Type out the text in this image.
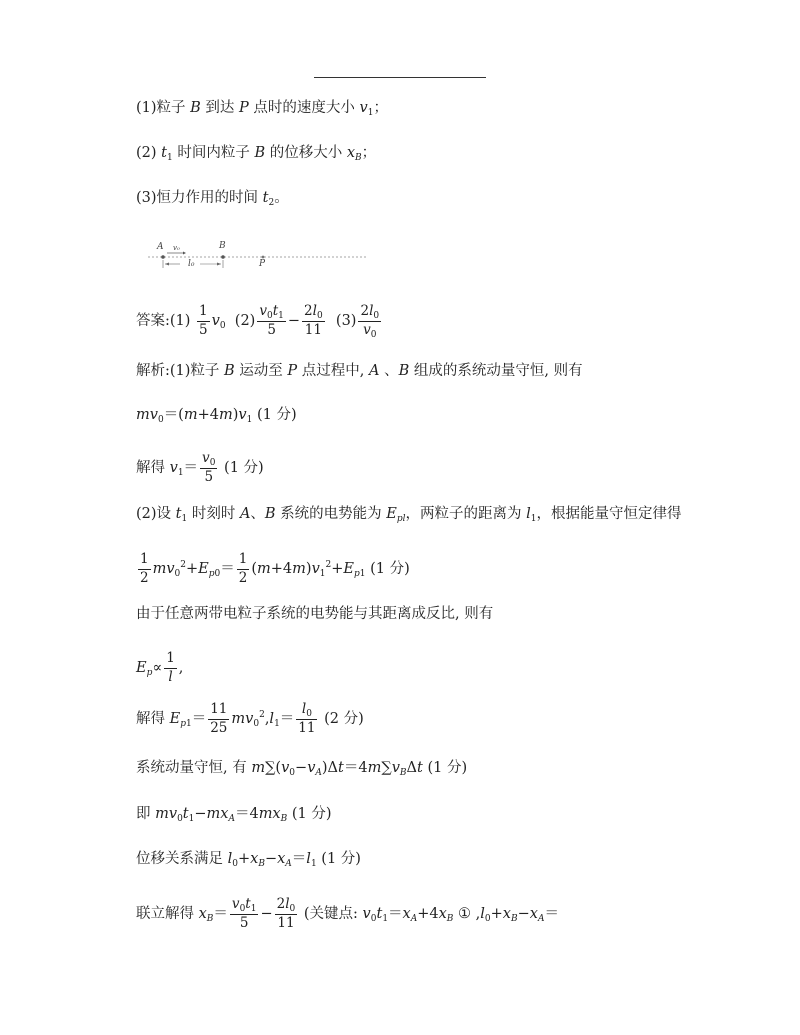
(1)粒子 B 到达 P 点时的速度大小 $v_1$；
(2) $t_1$ 时间内粒子 B 的位移大小 $x_B$；
(3)恒力作用的时间 $t_2$。
A	B
P
v₀
l₀
答案:(1) $\frac{1}{5} v_0$ $(2) \frac{v_0t_1}{5} - \frac{2l_0}{11} (3) \frac{2l_0}{v_0}$
解析:(1)粒子 B 运动至 P 点过程中, A 、B 组成的系统动量守恒, 则有
$mv_0=(m+4m)v_1$ (1 分)
解得 $v_1= \frac{v_0}{5} (1$ 分)
(2)设 $t_1$ 时刻时 A、B 系统的电势能为 $E_{pl}$，两粒子的距离为 $l_1$，根据能量守恒定律得
$\frac{1}{2} mv_0^2+E_{p0}= \frac{1}{2} (m+4m)v_1^2+E_{p1}$ (1 分)
由于任意两带电粒子系统的电势能与其距离成反比, 则有
$E_p\propto \frac{1}{l}$ ,
解得 $E_{p1}= \frac{11}{25} mv_0^2,l_1= \frac{l_0}{11} (2$ 分)
系统动量守恒, 有 $m\sum(v_0-v_A)\Delta t=4m\sum v_B\Delta t$ (1 分)
即 $mv_0t_1-mx_A=4mx_B$ (1 分)
位移关系满足 $l_0+x_B-x_A=l_1$ (1 分)
联立解得 $x_B= \frac{v_0t_1}{5} - \frac{2l_0}{11}$ (关键点: $v_0t_1=x_A+4x_B$ ① $,l_0+x_B-x_A=$
